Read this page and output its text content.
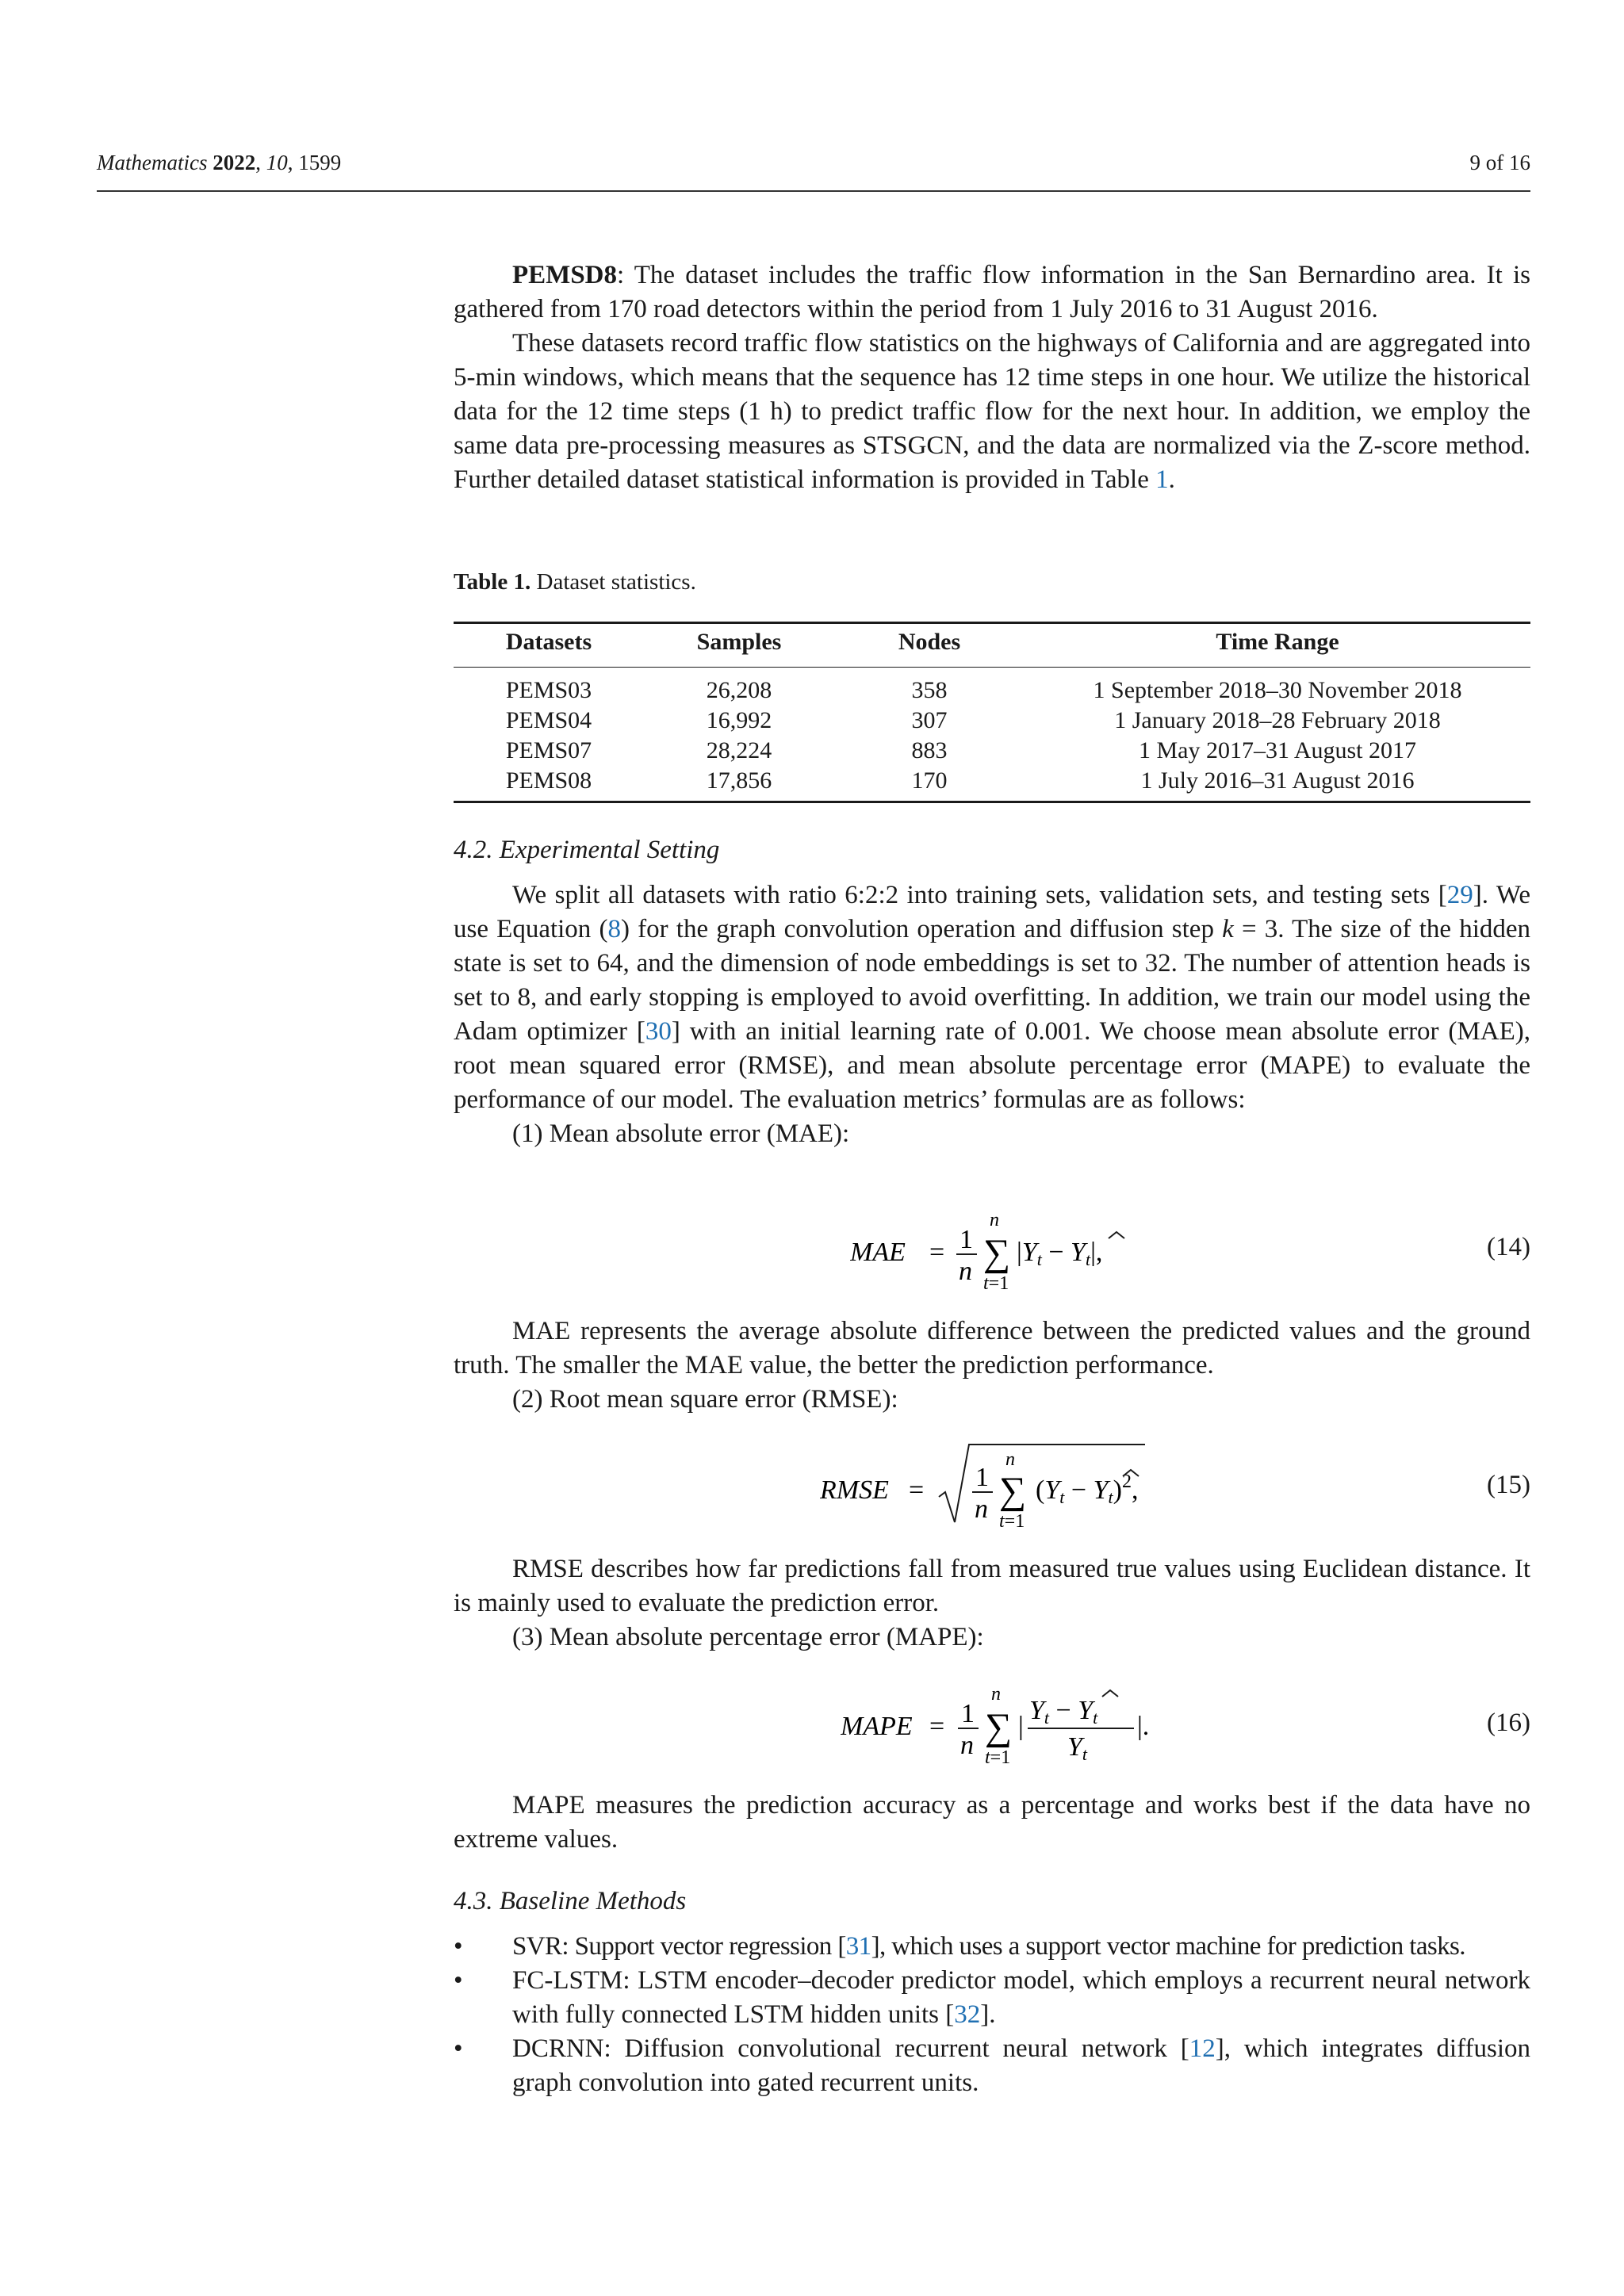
Mathematics 2022, 10, 1599	9 of 16

PEMSD8: The dataset includes the traffic flow information in the San Bernardino area. It is gathered from 170 road detectors within the period from 1 July 2016 to 31 August 2016.

These datasets record traffic flow statistics on the highways of California and are aggregated into 5-min windows, which means that the sequence has 12 time steps in one hour. We utilize the historical data for the 12 time steps (1 h) to predict traffic flow for the next hour. In addition, we employ the same data pre-processing measures as STSGCN, and the data are normalized via the Z-score method. Further detailed dataset statistical information is provided in Table 1.

Table 1. Dataset statistics.
Datasets	Samples	Nodes	Time Range
PEMS03	26,208	358	1 September 2018–30 November 2018
PEMS04	16,992	307	1 January 2018–28 February 2018
PEMS07	28,224	883	1 May 2017–31 August 2017
PEMS08	17,856	170	1 July 2016–31 August 2016
4.2. Experimental Setting

We split all datasets with ratio 6:2:2 into training sets, validation sets, and testing sets [29]. We use Equation (8) for the graph convolution operation and diffusion step k = 3. The size of the hidden state is set to 64, and the dimension of node embeddings is set to 32. The number of attention heads is set to 8, and early stopping is employed to avoid overfitting. In addition, we train our model using the Adam optimizer [30] with an initial learning rate of 0.001. We choose mean absolute error (MAE), root mean squared error (RMSE), and mean absolute percentage error (MAPE) to evaluate the performance of our model. The evaluation metrics’ formulas are as follows:

(1) Mean absolute error (MAE):

MAE = 1
n
n
∑
t=1
|Yt − Yt|,	(14)

MAE represents the average absolute difference between the predicted values and the ground truth. The smaller the MAE value, the better the prediction performance.

(2) Root mean square error (RMSE):

RMSE = 1
n
n
∑
t=1
$(Yt - Yt)^2$,	(15)

RMSE describes how far predictions fall from measured true values using Euclidean distance. It is mainly used to evaluate the prediction error.

(3) Mean absolute percentage error (MAPE):

MAPE = 1
n
n
∑
t=1
|
Yt − Yt
Yt
|.	(16)

MAPE measures the prediction accuracy as a percentage and works best if the data have no extreme values.

4.3. Baseline Methods
• SVR: Support vector regression [31], which uses a support vector machine for prediction tasks.
• FC-LSTM: LSTM encoder–decoder predictor model, which employs a recurrent neural network with fully connected LSTM hidden units [32].
• DCRNN: Diffusion convolutional recurrent neural network [12], which integrates diffusion graph convolution into gated recurrent units.
